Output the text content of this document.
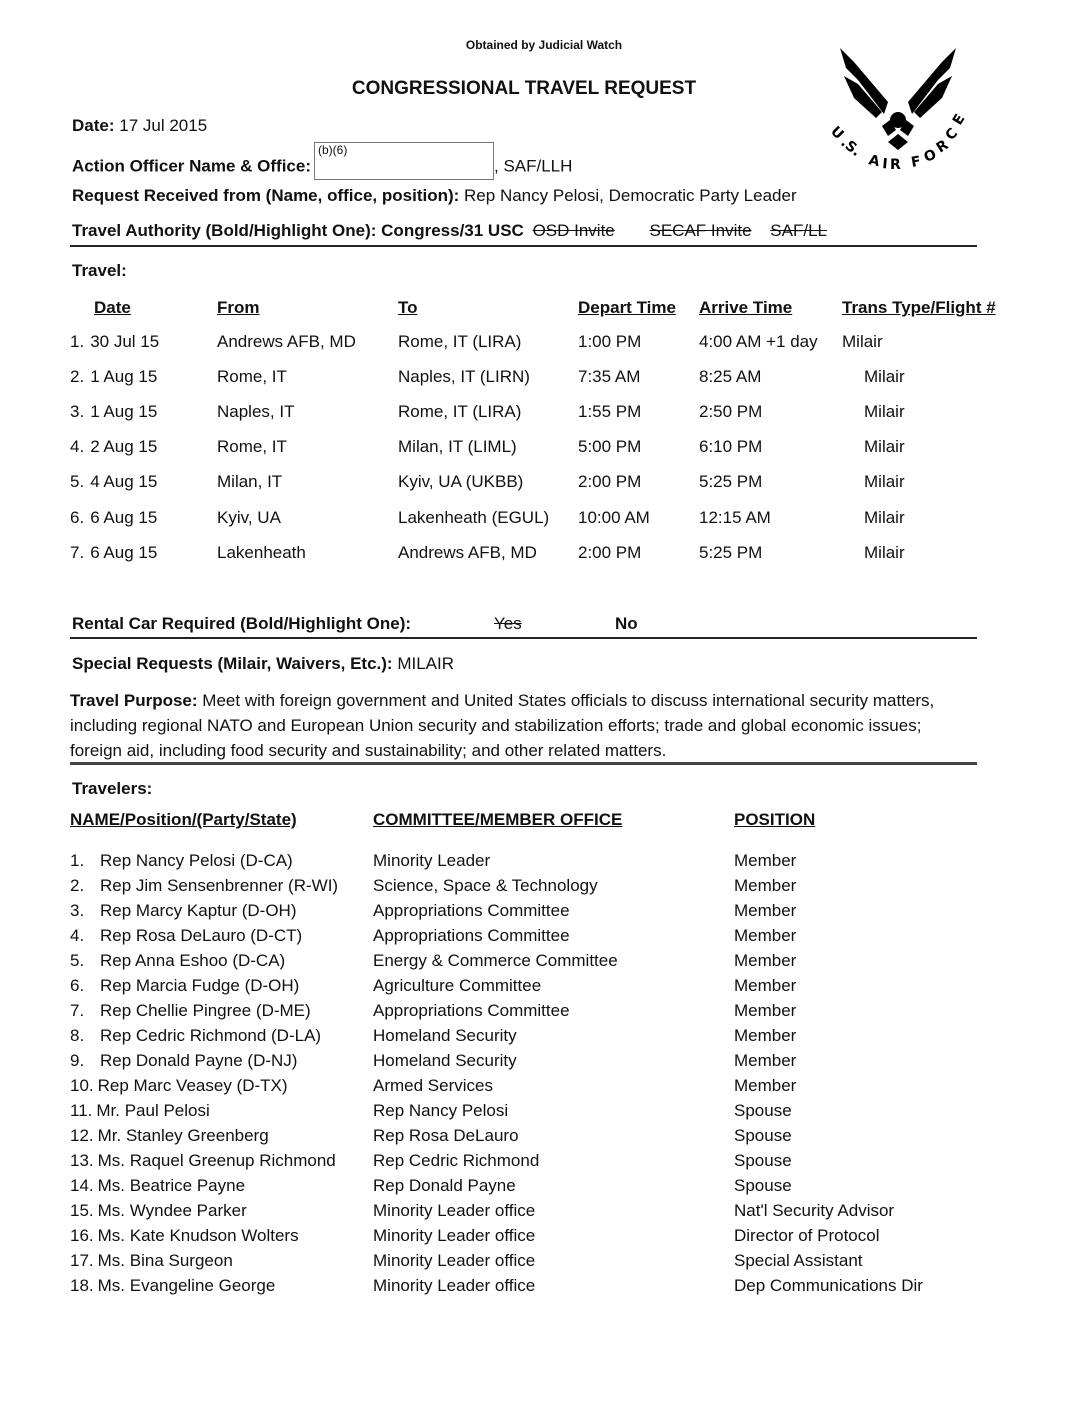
Obtained by Judicial Watch
CONGRESSIONAL TRAVEL REQUEST
U
.S.
A I R F O
R
C
E
Date: 17 Jul 2015
Action Officer Name & Office:
(b)(6)
, SAF/LLH
Request Received from (Name, office, position): Rep Nancy Pelosi, Democratic Party Leader
Travel Authority (Bold/Highlight One): Congress/31 USC OSD Invite SECAF Invite SAF/LL
Travel:
Date	From	To	Depart Time	Arrive Time	Trans Type/Flight #
1. 30 Jul 15	Andrews AFB, MD	Rome, IT (LIRA)	1:00 PM	4:00 AM +1 day	Milair
2. 1 Aug 15	Rome, IT	Naples, IT (LIRN)	7:35 AM	8:25 AM	Milair
3. 1 Aug 15	Naples, IT	Rome, IT (LIRA)	1:55 PM	2:50 PM	Milair
4. 2 Aug 15	Rome, IT	Milan, IT (LIML)	5:00 PM	6:10 PM	Milair
5. 4 Aug 15	Milan, IT	Kyiv, UA (UKBB)	2:00 PM	5:25 PM	Milair
6. 6 Aug 15	Kyiv, UA	Lakenheath (EGUL)	10:00 AM	12:15 AM	Milair
7. 6 Aug 15	Lakenheath	Andrews AFB, MD	2:00 PM	5:25 PM	Milair
Rental Car Required (Bold/Highlight One):	Yes	No
Special Requests (Milair, Waivers, Etc.): MILAIR
Travel Purpose: Meet with foreign government and United States officials to discuss international security matters, including regional NATO and European Union security and stabilization efforts; trade and global economic issues; foreign aid, including food security and sustainability; and other related matters.
Travelers:
NAME/Position/(Party/State)	COMMITTEE/MEMBER OFFICE	POSITION
1. Rep Nancy Pelosi (D-CA)	Minority Leader	Member
2. Rep Jim Sensenbrenner (R-WI)	Science, Space & Technology	Member
3. Rep Marcy Kaptur (D-OH)	Appropriations Committee	Member
4. Rep Rosa DeLauro (D-CT)	Appropriations Committee	Member
5. Rep Anna Eshoo (D-CA)	Energy & Commerce Committee	Member
6. Rep Marcia Fudge (D-OH)	Agriculture Committee	Member
7. Rep Chellie Pingree (D-ME)	Appropriations Committee	Member
8. Rep Cedric Richmond (D-LA)	Homeland Security	Member
9. Rep Donald Payne (D-NJ)	Homeland Security	Member
10. Rep Marc Veasey (D-TX)	Armed Services	Member
11. Mr. Paul Pelosi	Rep Nancy Pelosi	Spouse
12. Mr. Stanley Greenberg	Rep Rosa DeLauro	Spouse
13. Ms. Raquel Greenup Richmond	Rep Cedric Richmond	Spouse
14. Ms. Beatrice Payne	Rep Donald Payne	Spouse
15. Ms. Wyndee Parker	Minority Leader office	Nat'l Security Advisor
16. Ms. Kate Knudson Wolters	Minority Leader office	Director of Protocol
17. Ms. Bina Surgeon	Minority Leader office	Special Assistant
18. Ms. Evangeline George	Minority Leader office	Dep Communications Dir
